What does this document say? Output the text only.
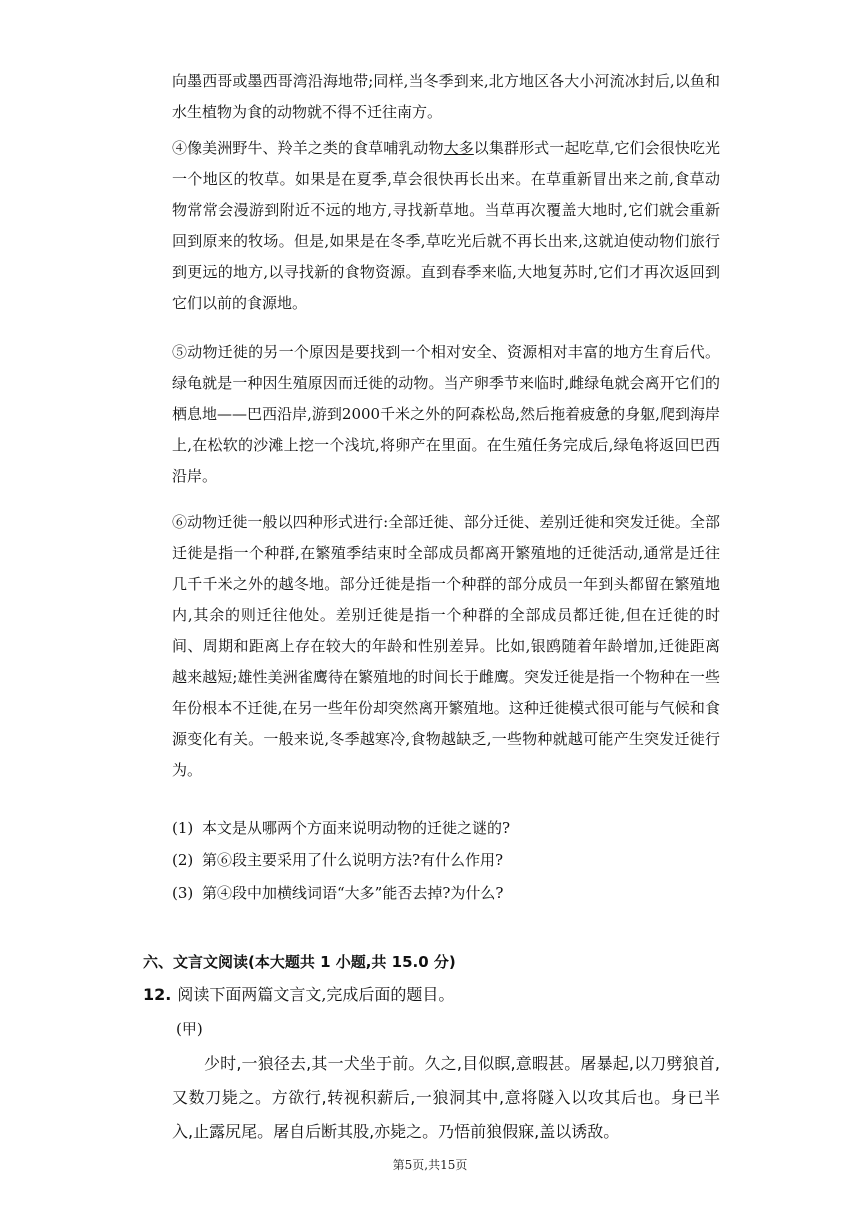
向墨西哥或墨西哥湾沿海地带;同样,当冬季到来,北方地区各大小河流冰封后,以鱼和水生植物为食的动物就不得不迁往南方。

④像美洲野牛、羚羊之类的食草哺乳动物大多以集群形式一起吃草,它们会很快吃光一个地区的牧草。如果是在夏季,草会很快再长出来。在草重新冒出来之前,食草动物常常会漫游到附近不远的地方,寻找新草地。当草再次覆盖大地时,它们就会重新回到原来的牧场。但是,如果是在冬季,草吃光后就不再长出来,这就迫使动物们旅行到更远的地方,以寻找新的食物资源。直到春季来临,大地复苏时,它们才再次返回到它们以前的食源地。

⑤动物迁徙的另一个原因是要找到一个相对安全、资源相对丰富的地方生育后代。绿龟就是一种因生殖原因而迁徙的动物。当产卵季节来临时,雌绿龟就会离开它们的栖息地——巴西沿岸,游到2000千米之外的阿森松岛,然后拖着疲惫的身躯,爬到海岸上,在松软的沙滩上挖一个浅坑,将卵产在里面。在生殖任务完成后,绿龟将返回巴西沿岸。

⑥动物迁徙一般以四种形式进行:全部迁徙、部分迁徙、差别迁徙和突发迁徙。全部迁徙是指一个种群,在繁殖季结束时全部成员都离开繁殖地的迁徙活动,通常是迁往几千千米之外的越冬地。部分迁徙是指一个种群的部分成员一年到头都留在繁殖地内,其余的则迁往他处。差别迁徙是指一个种群的全部成员都迁徙,但在迁徙的时间、周期和距离上存在较大的年龄和性别差异。比如,银鸥随着年龄增加,迁徙距离越来越短;雄性美洲雀鹰待在繁殖地的时间长于雌鹰。突发迁徙是指一个物种在一些年份根本不迁徙,在另一些年份却突然离开繁殖地。这种迁徙模式很可能与气候和食源变化有关。一般来说,冬季越寒冷,食物越缺乏,一些物种就越可能产生突发迁徙行为。

(1) 本文是从哪两个方面来说明动物的迁徙之谜的?

(2) 第⑥段主要采用了什么说明方法?有什么作用?

(3) 第④段中加横线词语“大多”能否去掉?为什么?

六、文言文阅读(本大题共 1 小题,共 15.0 分)

12. 阅读下面两篇文言文,完成后面的题目。

(甲)

少时,一狼径去,其一犬坐于前。久之,目似瞑,意暇甚。屠暴起,以刀劈狼首,又数刀毙之。方欲行,转视积薪后,一狼洞其中,意将隧入以攻其后也。身已半入,止露尻尾。屠自后断其股,亦毙之。乃悟前狼假寐,盖以诱敌。

第5页,共15页
